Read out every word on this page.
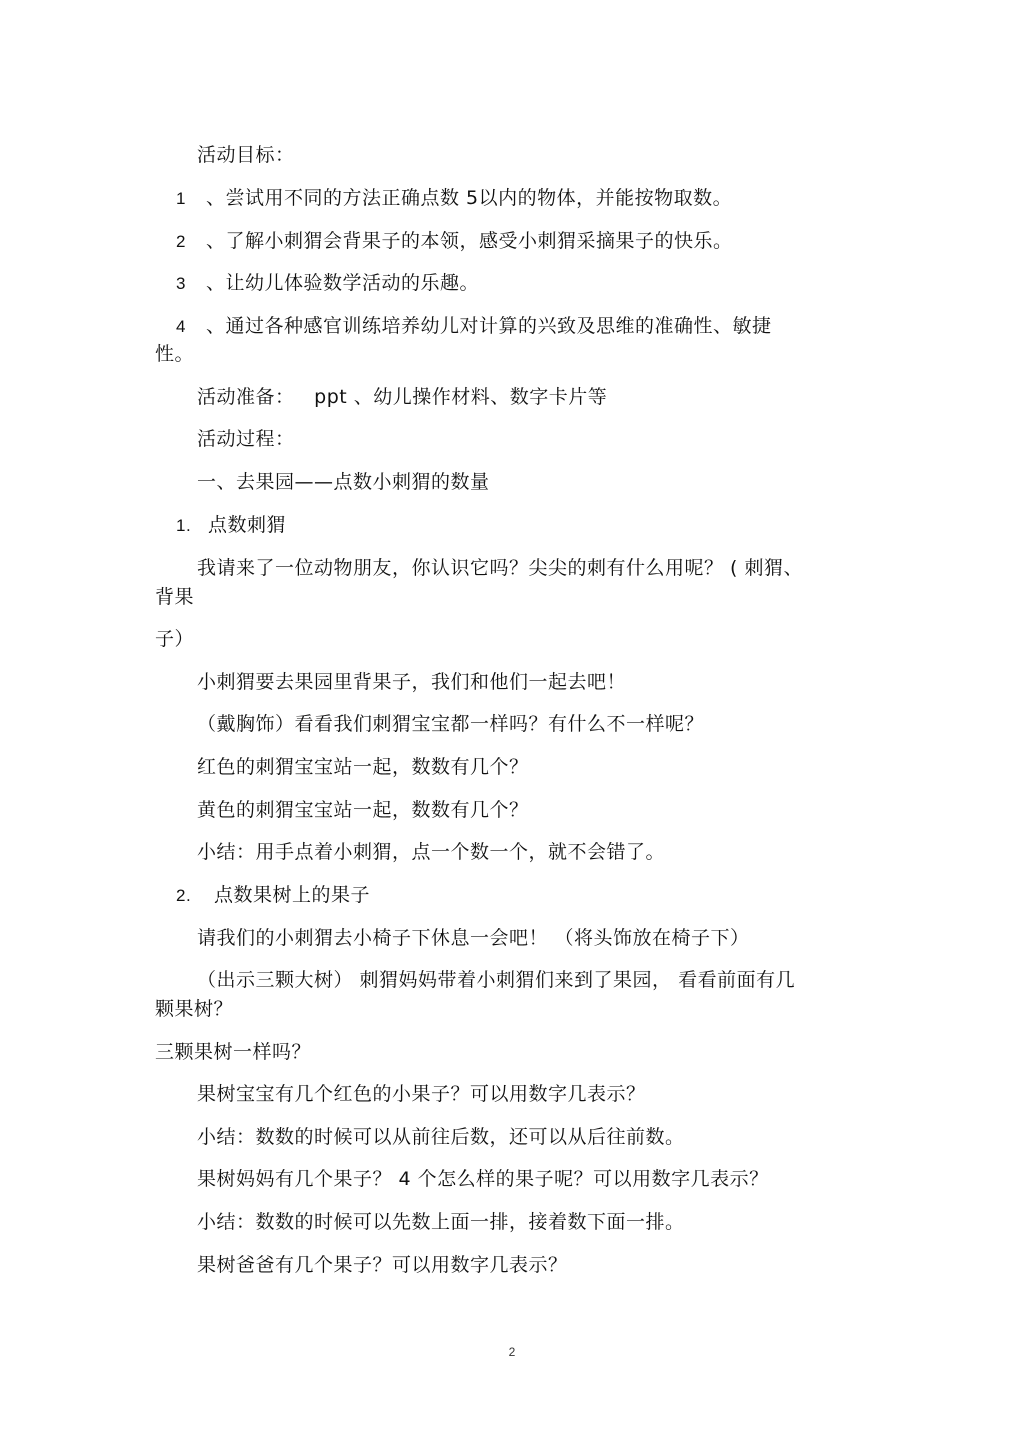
活动目标：
1 、尝试用不同的方法正确点数 5以内的物体，并能按物取数。
2 、了解小刺猬会背果子的本领，感受小刺猬采摘果子的快乐。
3 、让幼儿体验数学活动的乐趣。
4 、通过各种感官训练培养幼儿对计算的兴致及思维的准确性、敏捷
性。
活动准备： ppt 、幼儿操作材料、数字卡片等
活动过程：
一、去果园——点数小刺猬的数量
1. 点数刺猬
我请来了一位动物朋友，你认识它吗？尖尖的刺有什么用呢？ ( 刺猬、
背果
子）
小刺猬要去果园里背果子，我们和他们一起去吧！
（戴胸饰）看看我们刺猬宝宝都一样吗？有什么不一样呢？
红色的刺猬宝宝站一起，数数有几个？
黄色的刺猬宝宝站一起，数数有几个？
小结：用手点着小刺猬，点一个数一个，就不会错了。
2. 点数果树上的果子
请我们的小刺猬去小椅子下休息一会吧！ （将头饰放在椅子下）
（出示三颗大树） 刺猬妈妈带着小刺猬们来到了果园， 看看前面有几
颗果树？
三颗果树一样吗？
果树宝宝有几个红色的小果子？可以用数字几表示？
小结：数数的时候可以从前往后数，还可以从后往前数。
果树妈妈有几个果子？ 4 个怎么样的果子呢？可以用数字几表示？
小结：数数的时候可以先数上面一排，接着数下面一排。
果树爸爸有几个果子？可以用数字几表示？
2
